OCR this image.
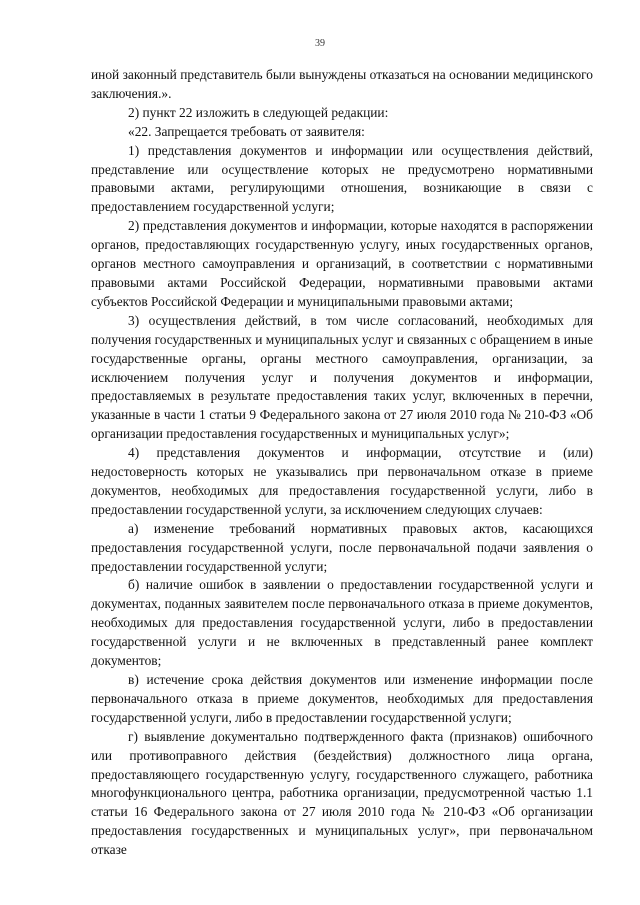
39

иной законный представитель были вынуждены отказаться на основании медицинского заключения.».

2) пункт 22 изложить в следующей редакции:

«22. Запрещается требовать от заявителя:

1) представления документов и информации или осуществления действий, представление или осуществление которых не предусмотрено нормативными правовыми актами, регулирующими отношения, возникающие в связи с предоставлением государственной услуги;

2) представления документов и информации, которые находятся в распоряжении органов, предоставляющих государственную услугу, иных государственных органов, органов местного самоуправления и организаций, в соответствии с нормативными правовыми актами Российской Федерации, нормативными правовыми актами субъектов Российской Федерации и муниципальными правовыми актами;

3) осуществления действий, в том числе согласований, необходимых для получения государственных и муниципальных услуг и связанных с обращением в иные государственные органы, органы местного самоуправления, организации, за исключением получения услуг и получения документов и информации, предоставляемых в результате предоставления таких услуг, включенных в перечни, указанные в части 1 статьи 9 Федерального закона от 27 июля 2010 года № 210-ФЗ «Об организации предоставления государственных и муниципальных услуг»;

4) представления документов и информации, отсутствие и (или) недостоверность которых не указывались при первоначальном отказе в приеме документов, необходимых для предоставления государственной услуги, либо в предоставлении государственной услуги, за исключением следующих случаев:

а) изменение требований нормативных правовых актов, касающихся предоставления государственной услуги, после первоначальной подачи заявления о предоставлении государственной услуги;

б) наличие ошибок в заявлении о предоставлении государственной услуги и документах, поданных заявителем после первоначального отказа в приеме документов, необходимых для предоставления государственной услуги, либо в предоставлении государственной услуги и не включенных в представленный ранее комплект документов;

в) истечение срока действия документов или изменение информации после первоначального отказа в приеме документов, необходимых для предоставления государственной услуги, либо в предоставлении государственной услуги;

г) выявление документально подтвержденного факта (признаков) ошибочного или противоправного действия (бездействия) должностного лица органа, предоставляющего государственную услугу, государственного служащего, работника многофункционального центра, работника организации, предусмотренной частью 1.1 статьи 16 Федерального закона от 27 июля 2010 года № 210-ФЗ «Об организации предоставления государственных и муниципальных услуг», при первоначальном отказе
